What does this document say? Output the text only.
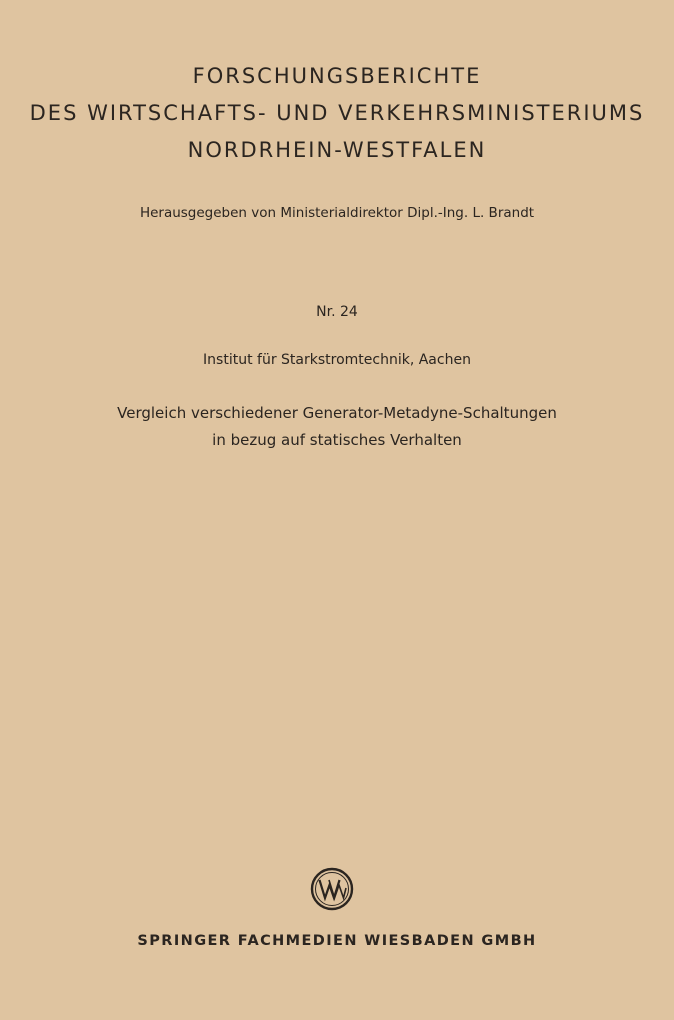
FORSCHUNGSBERICHTE
DES WIRTSCHAFTS- UND VERKEHRSMINISTERIUMS
NORDRHEIN-WESTFALEN
Herausgegeben von Ministerialdirektor Dipl.-Ing. L. Brandt
Nr. 24
Institut für Starkstromtechnik, Aachen
Vergleich verschiedener Generator-Metadyne-Schaltungen
in bezug auf statisches Verhalten
SPRINGER FACHMEDIEN WIESBADEN GMBH
